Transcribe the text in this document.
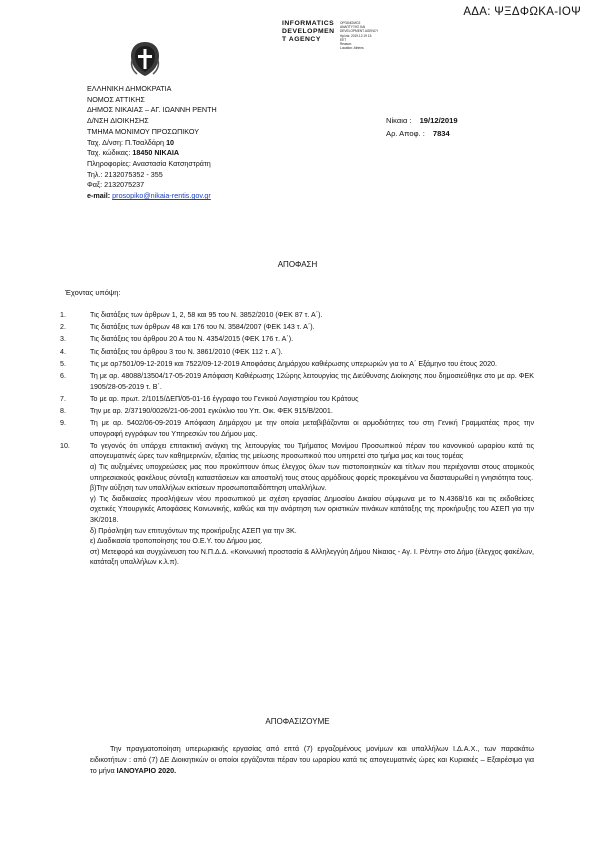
ΑΔΑ: ΨΞΔΦΩΚΑ-ΙΟΨ
INFORMATICS
DEVELOPMEN
T AGENCY
ΟΡΓΑΝΙΣΜΟΣ
ΑΝΑΠΤΥΞΗΣ ΚΑΙ
DEVELOPMENT AGENCY
Ημ/νία: 2019.12.19 13:
EET
Reason:
Location: Athens
ΕΛΛΗΝΙΚΗ ΔΗΜΟΚΡΑΤΙΑ
ΝΟΜΟΣ ΑΤΤΙΚΗΣ
ΔΗΜΟΣ ΝΙΚΑΙΑΣ – ΑΓ. ΙΩΑΝΝΗ ΡΕΝΤΗ
Δ/ΝΣΗ ΔΙΟΙΚΗΣΗΣ
ΤΜΗΜΑ ΜΟΝΙΜΟΥ ΠΡΟΣΩΠΙΚΟΥ
Ταχ. Δ/νση: Π.Τσαλδάρη 10
Ταχ. κώδικας: 18450 ΝΙΚΑΙΑ
Πληροφορίες: Αναστασία Κατσηστράτη
Τηλ.: 2132075352 - 355
Φαξ: 2132075237
e-mail: prosopiko@nikaia-rentis.gov.gr
Νίκαια : 19/12/2019
Αρ. Αποφ. : 7834
ΑΠΟΦΑΣΗ
Έχοντας υπόψη:
1.	Τις διατάξεις των άρθρων 1, 2, 58 και 95 του Ν. 3852/2010 (ΦΕΚ 87 τ. Α΄).
2.	Τις διατάξεις των άρθρων 48 και 176 του Ν. 3584/2007 (ΦΕΚ 143 τ. Α΄).
3.	Τις διατάξεις του άρθρου 20 Α του Ν. 4354/2015 (ΦΕΚ 176 τ. Α΄).
4.	Τις διατάξεις του άρθρου 3 του Ν. 3861/2010 (ΦΕΚ 112 τ. Α΄).
5.	Τις με αρ7501/09-12-2019 και 7522/09-12-2019 Αποφάσεις Δημάρχου καθιέρωσης υπερωριών για τo Α΄ Εξάμηνο του έτους 2020.
6.	Τη με αρ. 48088/13504/17-05-2019 Απόφαση Καθιέρωσης 12ώρης λειτουργίας της Διεύθυνσης Διοίκησης που δημοσιεύθηκε στο με αρ. ΦΕΚ 1905/28-05-2019 τ. Β΄.
7.	Το με αρ. πρωτ. 2/1015/ΔΕΠ/05-01-16 έγγραφο του Γενικού Λογιστηρίου του Κράτους
8.	Την με αρ. 2/37190/0026/21-06-2001 εγκύκλιο του Υπ. Οικ. ΦΕΚ 915/Β/2001.
9.	Τη με αρ. 5402/06-09-2019 Απόφαση Δημάρχου με την οποία μεταβιβάζονται οι αρμοδιότητες του στη Γενική Γραμματέας προς την υπογραφή εγγράφων του Υπηρεσιών του Δήμου μας.
10.	Το γεγονός ότι υπάρχει επιτακτική ανάγκη της λειτουργίας του Τμήματος Μονίμου Προσωπικού πέραν του κανονικού ωραρίου κατά τις απογευματινές ώρες των καθημερινών, εξαιτίας της μείωσης προσωπικού που υπηρετεί στο τμήμα μας και τους τομέας
α) Τις αυξημένες υποχρεώσεις μας που προκύπτουν όπως έλεγχος όλων των πιστοποιητικών και τίτλων που περιέχονται στους ατομικούς υπηρεσιακούς φακέλους σύνταξη καταστάσεων και αποστολή τους στους αρμόδιους φορείς προκειμένου να διασταυρωθεί η γνησιότητα τους.
β)Την αύξηση των υπαλλήλων εκτίσεων προσωποπαιδόπτηση υπαλλήλων.
γ) Τις διαδικασίες προσλήψεων νέου προσωπικού με σχέση εργασίας Δημοσίου Δικαίου σύμφωνα με το Ν.4368/16 και τις εκδοθείσες σχετικές Υπουργικές Αποφάσεις Κοινωνικής, καθώς και την ανάρτηση των οριστικών πινάκων κατάταξης της προκήρυξης του ΑΣΕΠ για την 3Κ/2018.
δ) Πρόσληψη των επιτυχόντων της προκήρυξης ΑΣΕΠ για την 3Κ.
ε) Διαδικασία τροποποίησης του Ο.Ε.Υ. του Δήμου μας.
στ) Μετεφορά και συγχώνευση του Ν.Π.Δ.Δ. «Κοινωνική προστασία & Αλληλεγγύη Δήμου Νίκαιας - Αγ. Ι. Ρέντη» στο Δήμο (έλεγχος φακέλων, κατάταξη υπαλλήλων κ.λ.π).
ΑΠΟΦΑΣΙΖΟΥΜΕ
Την πραγματοποίηση υπερωριακής εργασίας από επτά (7) εργαζομένους μονίμων και υπαλλήλων Ι.Δ.Α.Χ., των παρακάτω ειδικοτήτων : από (7) ΔΕ Διοικητικών οι οποίοι εργάζονται πέραν του ωραρίου κατά τις απογευματινές ώρες και Κυριακές – Εξαιρέσιμα για το μήνα ΙΑΝΟΥΑΡΙΟ 2020.
